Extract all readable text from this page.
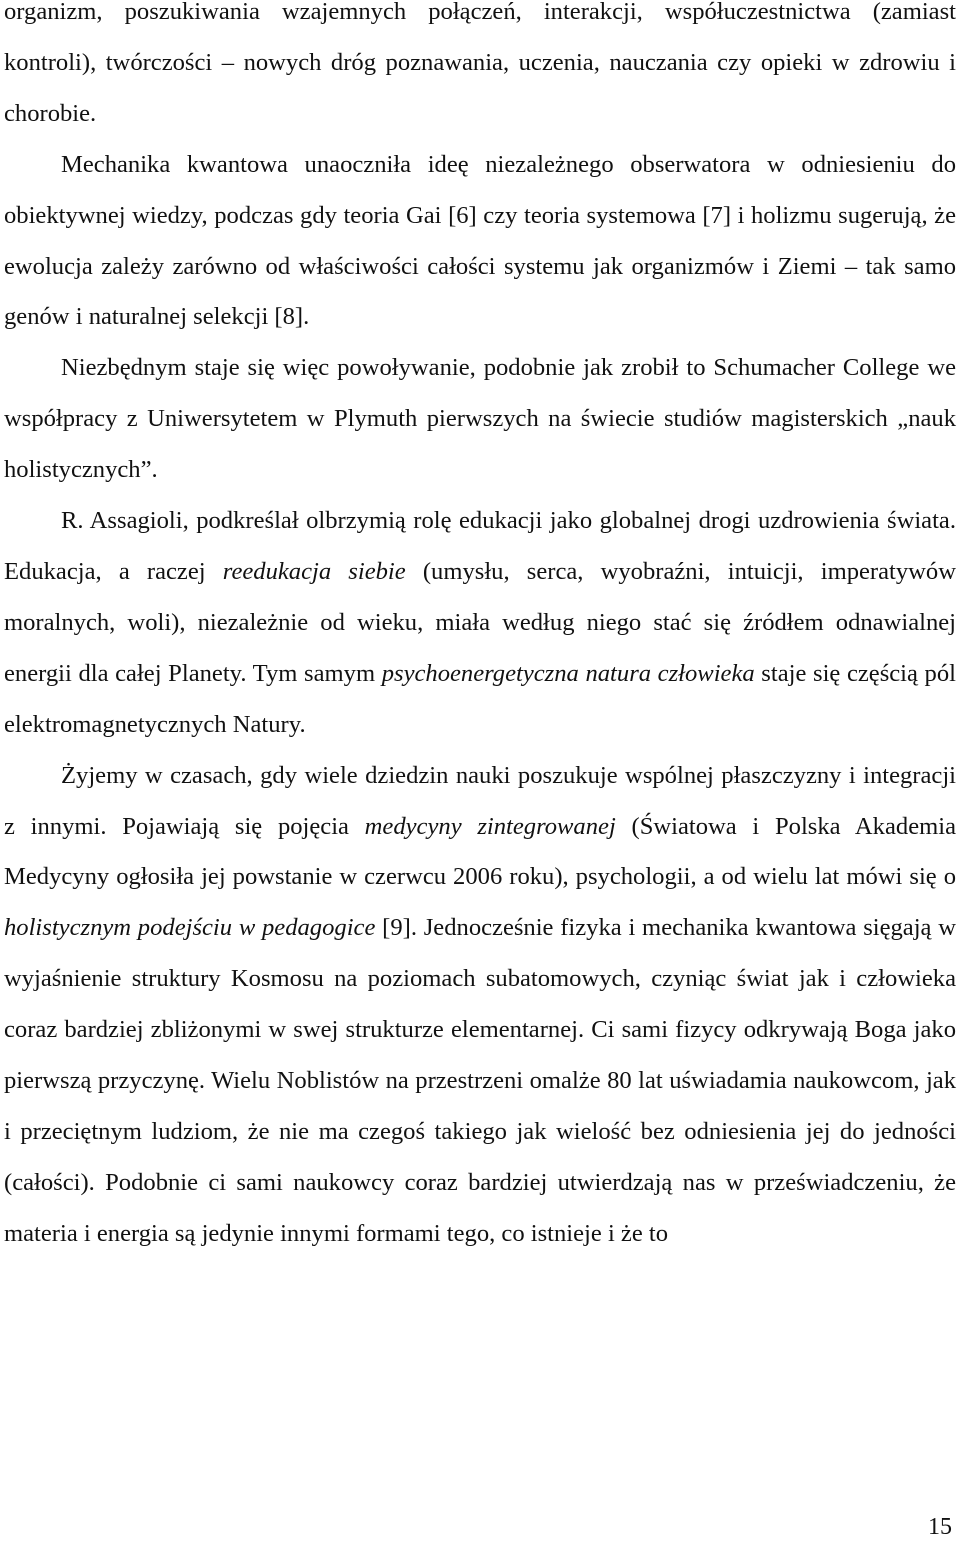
organizm, poszukiwania wzajemnych połączeń, interakcji, współuczestnictwa (zamiast kontroli), twórczości – nowych dróg poznawania, uczenia, nauczania czy opieki w zdrowiu i chorobie.

Mechanika kwantowa unaoczniła ideę niezależnego obserwatora w odniesieniu do obiektywnej wiedzy, podczas gdy teoria Gai [6] czy teoria systemowa [7] i holizmu sugerują, że ewolucja zależy zarówno od właściwości całości systemu jak organizmów i Ziemi – tak samo genów i naturalnej selekcji [8].

Niezbędnym staje się więc powoływanie, podobnie jak zrobił to Schumacher College we współpracy z Uniwersytetem w Plymuth pierwszych na świecie studiów magisterskich „nauk holistycznych”.

R. Assagioli, podkreślał olbrzymią rolę edukacji jako globalnej drogi uzdrowienia świata. Edukacja, a raczej reedukacja siebie (umysłu, serca, wyobraźni, intuicji, imperatywów moralnych, woli), niezależnie od wieku, miała według niego stać się źródłem odnawialnej energii dla całej Planety. Tym samym psychoenergetyczna natura człowieka staje się częścią pól elektromagnetycznych Natury.

Żyjemy w czasach, gdy wiele dziedzin nauki poszukuje wspólnej płaszczyzny i integracji z innymi. Pojawiają się pojęcia medycyny zintegrowanej (Światowa i Polska Akademia Medycyny ogłosiła jej powstanie w czerwcu 2006 roku), psychologii, a od wielu lat mówi się o holistycznym podejściu w pedagogice [9]. Jednocześnie fizyka i mechanika kwantowa sięgają w wyjaśnienie struktury Kosmosu na poziomach subatomowych, czyniąc świat jak i człowieka coraz bardziej zbliżonymi w swej strukturze elementarnej. Ci sami fizycy odkrywają Boga jako pierwszą przyczynę. Wielu Noblistów na przestrzeni omalże 80 lat uświadamia naukowcom, jak i przeciętnym ludziom, że nie ma czegoś takiego jak wielość bez odniesienia jej do jedności (całości). Podobnie ci sami naukowcy coraz bardziej utwierdzają nas w przeświadczeniu, że materia i energia są jedynie innymi formami tego, co istnieje i że to

15
